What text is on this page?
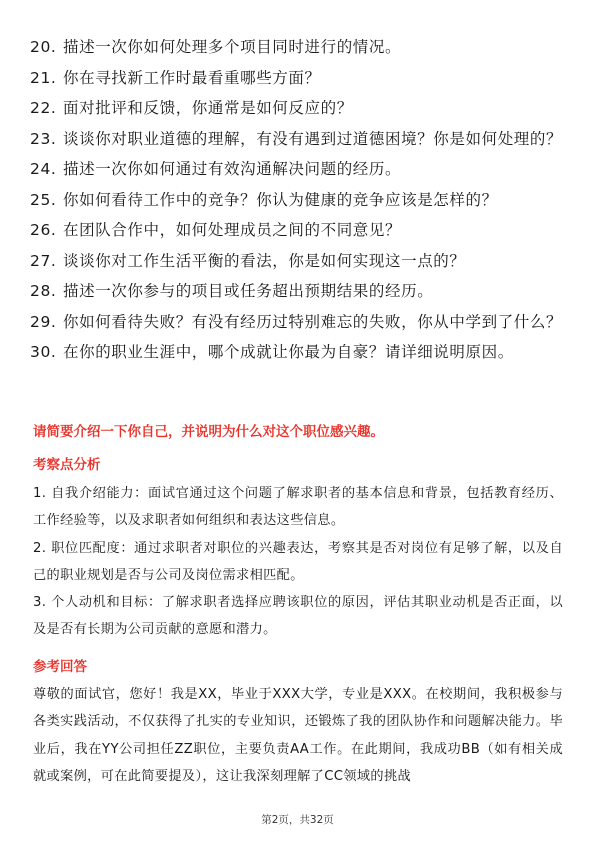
20. 描述一次你如何处理多个项目同时进行的情况。
21. 你在寻找新工作时最看重哪些方面？
22. 面对批评和反馈，你通常是如何反应的？
23. 谈谈你对职业道德的理解，有没有遇到过道德困境？你是如何处理的？
24. 描述一次你如何通过有效沟通解决问题的经历。
25. 你如何看待工作中的竞争？你认为健康的竞争应该是怎样的？
26. 在团队合作中，如何处理成员之间的不同意见？
27. 谈谈你对工作生活平衡的看法，你是如何实现这一点的？
28. 描述一次你参与的项目或任务超出预期结果的经历。
29. 你如何看待失败？有没有经历过特别难忘的失败，你从中学到了什么？
30. 在你的职业生涯中，哪个成就让你最为自豪？请详细说明原因。
请简要介绍一下你自己，并说明为什么对这个职位感兴趣。
考察点分析
1. 自我介绍能力：面试官通过这个问题了解求职者的基本信息和背景，包括教育经历、工作经验等，以及求职者如何组织和表达这些信息。
2. 职位匹配度：通过求职者对职位的兴趣表达，考察其是否对岗位有足够了解，以及自己的职业规划是否与公司及岗位需求相匹配。
3. 个人动机和目标：了解求职者选择应聘该职位的原因，评估其职业动机是否正面，以及是否有长期为公司贡献的意愿和潜力。
参考回答
尊敬的面试官，您好！我是XX，毕业于XXX大学，专业是XXX。在校期间，我积极参与各类实践活动，不仅获得了扎实的专业知识，还锻炼了我的团队协作和问题解决能力。毕业后，我在YY公司担任ZZ职位，主要负责AA工作。在此期间，我成功BB（如有相关成就或案例，可在此简要提及），这让我深刻理解了CC领域的挑战
第2页，共32页
